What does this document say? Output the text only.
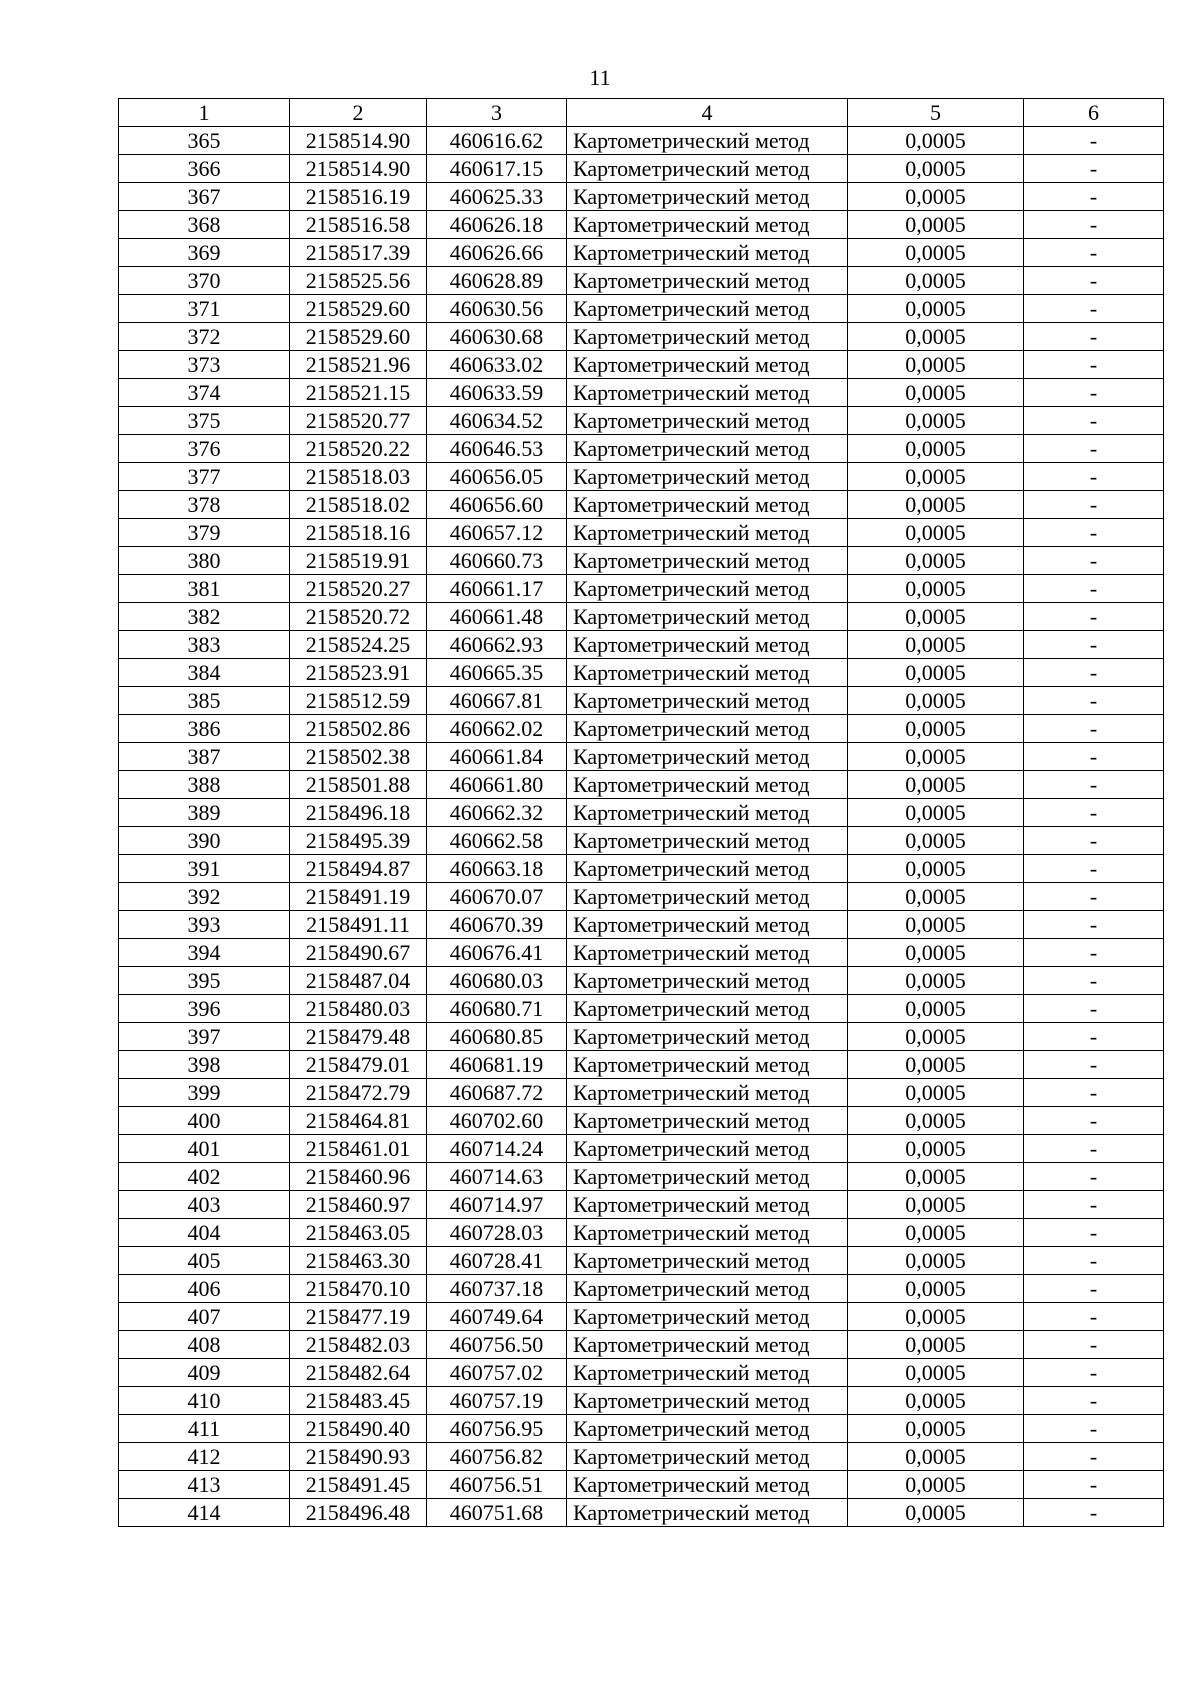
11
1	2	3	4	5	6
365	2158514.90	460616.62	Картометрический метод	0,0005	-
366	2158514.90	460617.15	Картометрический метод	0,0005	-
367	2158516.19	460625.33	Картометрический метод	0,0005	-
368	2158516.58	460626.18	Картометрический метод	0,0005	-
369	2158517.39	460626.66	Картометрический метод	0,0005	-
370	2158525.56	460628.89	Картометрический метод	0,0005	-
371	2158529.60	460630.56	Картометрический метод	0,0005	-
372	2158529.60	460630.68	Картометрический метод	0,0005	-
373	2158521.96	460633.02	Картометрический метод	0,0005	-
374	2158521.15	460633.59	Картометрический метод	0,0005	-
375	2158520.77	460634.52	Картометрический метод	0,0005	-
376	2158520.22	460646.53	Картометрический метод	0,0005	-
377	2158518.03	460656.05	Картометрический метод	0,0005	-
378	2158518.02	460656.60	Картометрический метод	0,0005	-
379	2158518.16	460657.12	Картометрический метод	0,0005	-
380	2158519.91	460660.73	Картометрический метод	0,0005	-
381	2158520.27	460661.17	Картометрический метод	0,0005	-
382	2158520.72	460661.48	Картометрический метод	0,0005	-
383	2158524.25	460662.93	Картометрический метод	0,0005	-
384	2158523.91	460665.35	Картометрический метод	0,0005	-
385	2158512.59	460667.81	Картометрический метод	0,0005	-
386	2158502.86	460662.02	Картометрический метод	0,0005	-
387	2158502.38	460661.84	Картометрический метод	0,0005	-
388	2158501.88	460661.80	Картометрический метод	0,0005	-
389	2158496.18	460662.32	Картометрический метод	0,0005	-
390	2158495.39	460662.58	Картометрический метод	0,0005	-
391	2158494.87	460663.18	Картометрический метод	0,0005	-
392	2158491.19	460670.07	Картометрический метод	0,0005	-
393	2158491.11	460670.39	Картометрический метод	0,0005	-
394	2158490.67	460676.41	Картометрический метод	0,0005	-
395	2158487.04	460680.03	Картометрический метод	0,0005	-
396	2158480.03	460680.71	Картометрический метод	0,0005	-
397	2158479.48	460680.85	Картометрический метод	0,0005	-
398	2158479.01	460681.19	Картометрический метод	0,0005	-
399	2158472.79	460687.72	Картометрический метод	0,0005	-
400	2158464.81	460702.60	Картометрический метод	0,0005	-
401	2158461.01	460714.24	Картометрический метод	0,0005	-
402	2158460.96	460714.63	Картометрический метод	0,0005	-
403	2158460.97	460714.97	Картометрический метод	0,0005	-
404	2158463.05	460728.03	Картометрический метод	0,0005	-
405	2158463.30	460728.41	Картометрический метод	0,0005	-
406	2158470.10	460737.18	Картометрический метод	0,0005	-
407	2158477.19	460749.64	Картометрический метод	0,0005	-
408	2158482.03	460756.50	Картометрический метод	0,0005	-
409	2158482.64	460757.02	Картометрический метод	0,0005	-
410	2158483.45	460757.19	Картометрический метод	0,0005	-
411	2158490.40	460756.95	Картометрический метод	0,0005	-
412	2158490.93	460756.82	Картометрический метод	0,0005	-
413	2158491.45	460756.51	Картометрический метод	0,0005	-
414	2158496.48	460751.68	Картометрический метод	0,0005	-
